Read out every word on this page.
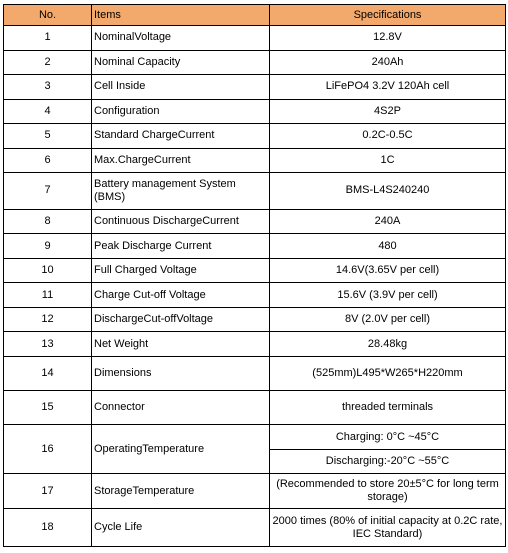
No.	Items	Specifications
1	NominalVoltage	12.8V
2	Nominal Capacity	240Ah
3	Cell Inside	LiFePO4 3.2V 120Ah cell
4	Configuration	4S2P
5	Standard ChargeCurrent	0.2C-0.5C
6	Max.ChargeCurrent	1C
7	Battery management System (BMS)	BMS-L4S240240
8	Continuous DischargeCurrent	240A
9	Peak Discharge Current	480
10	Full Charged Voltage	14.6V(3.65V per cell)
11	Charge Cut-off Voltage	15.6V (3.9V per cell)
12	DischargeCut-offVoltage	8V (2.0V per cell)
13	Net Weight	28.48kg
14	Dimensions	(525mm)L495*W265*H220mm
15	Connector	threaded terminals
16	OperatingTemperature	Charging: 0°C ~45°C
		Discharging:-20°C ~55°C
17	StorageTemperature	(Recommended to store 20±5°C for long term storage)
18	Cycle Life	2000 times (80% of initial capacity at 0.2C rate, IEC Standard)
